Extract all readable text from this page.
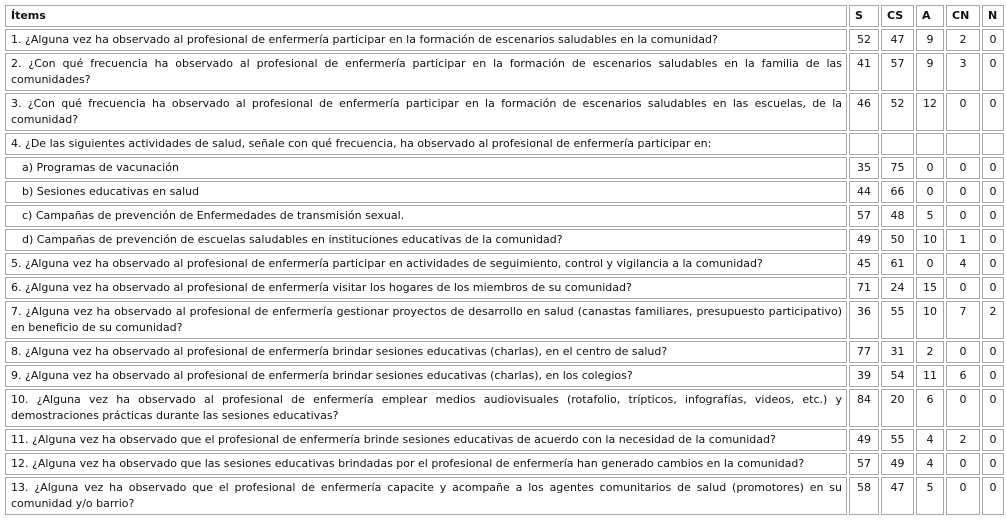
Ítems	S	CS	A	CN	N
1. ¿Alguna vez ha observado al profesional de enfermería participar en la formación de escenarios saludables en la comunidad?	52	47	9	2	0
2. ¿Con qué frecuencia ha observado al profesional de enfermería participar en la formación de escenarios saludables en la familia de las comunidades?	41	57	9	3	0
3. ¿Con qué frecuencia ha observado al profesional de enfermería participar en la formación de escenarios saludables en las escuelas, de la comunidad?	46	52	12	0	0
4. ¿De las siguientes actividades de salud, señale con qué frecuencia, ha observado al profesional de enfermería participar en:					
a) Programas de vacunación	35	75	0	0	0
b) Sesiones educativas en salud	44	66	0	0	0
c) Campañas de prevención de Enfermedades de transmisión sexual.	57	48	5	0	0
d) Campañas de prevención de escuelas saludables en instituciones educativas de la comunidad?	49	50	10	1	0
5. ¿Alguna vez ha observado al profesional de enfermería participar en actividades de seguimiento, control y vigilancia a la comunidad?	45	61	0	4	0
6. ¿Alguna vez ha observado al profesional de enfermería visitar los hogares de los miembros de su comunidad?	71	24	15	0	0
7. ¿Alguna vez ha observado al profesional de enfermería gestionar proyectos de desarrollo en salud (canastas familiares, presupuesto participativo) en beneficio de su comunidad?	36	55	10	7	2
8. ¿Alguna vez ha observado al profesional de enfermería brindar sesiones educativas (charlas), en el centro de salud?	77	31	2	0	0
9. ¿Alguna vez ha observado al profesional de enfermería brindar sesiones educativas (charlas), en los colegios?	39	54	11	6	0
10. ¿Alguna vez ha observado al profesional de enfermería emplear medios audiovisuales (rotafolio, trípticos, infografías, videos, etc.) y demostraciones prácticas durante las sesiones educativas?	84	20	6	0	0
11. ¿Alguna vez ha observado que el profesional de enfermería brinde sesiones educativas de acuerdo con la necesidad de la comunidad?	49	55	4	2	0
12. ¿Alguna vez ha observado que las sesiones educativas brindadas por el profesional de enfermería han generado cambios en la comunidad?	57	49	4	0	0
13. ¿Alguna vez ha observado que el profesional de enfermería capacite y acompañe a los agentes comunitarios de salud (promotores) en su comunidad y/o barrio?	58	47	5	0	0
